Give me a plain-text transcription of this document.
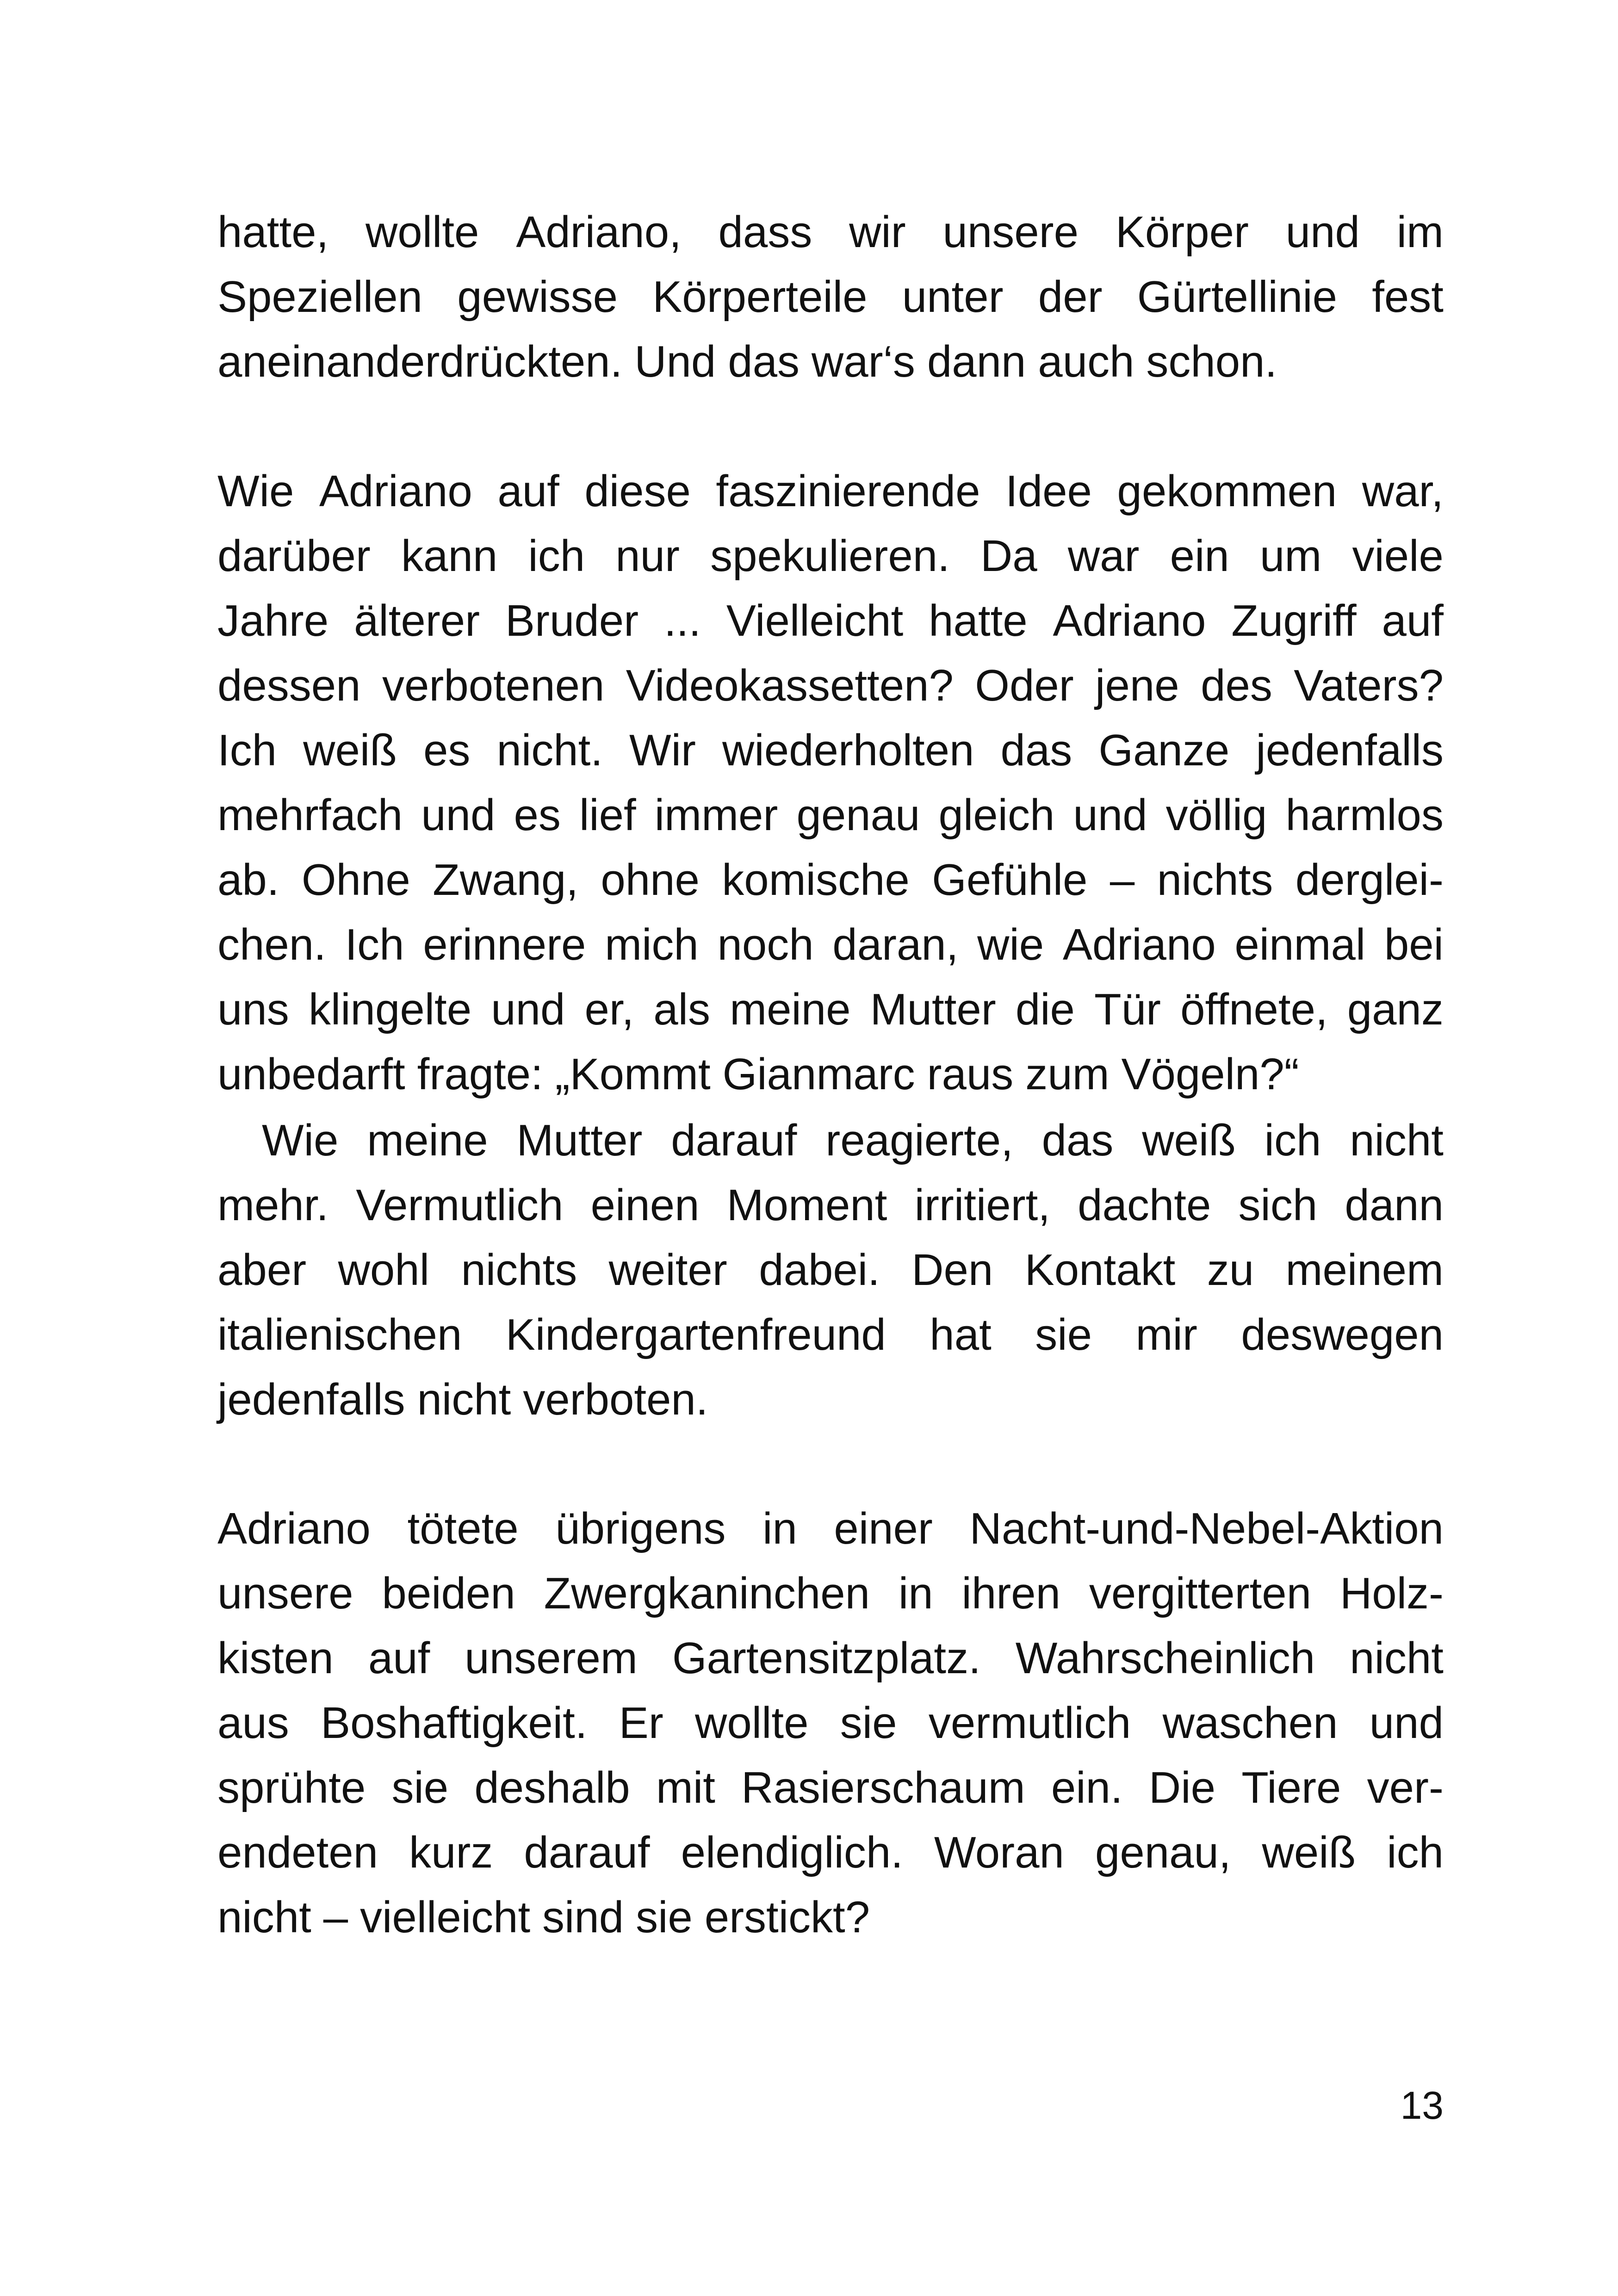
hatte, wollte Adriano, dass wir unsere Körper und im
Speziellen gewisse Körperteile unter der Gürtellinie fest
aneinanderdrückten. Und das war‘s dann auch schon.
Wie Adriano auf diese faszinierende Idee gekommen war,
darüber kann ich nur spekulieren. Da war ein um viele
Jahre älterer Bruder ... Vielleicht hatte Adriano Zugriff auf
dessen verbotenen Videokassetten? Oder jene des Vaters?
Ich weiß es nicht. Wir wiederholten das Ganze jedenfalls
mehrfach und es lief immer genau gleich und völlig harmlos
ab. Ohne Zwang, ohne komische Gefühle – nichts derglei-
chen. Ich erinnere mich noch daran, wie Adriano einmal bei
uns klingelte und er, als meine Mutter die Tür öffnete, ganz
unbedarft fragte: „Kommt Gianmarc raus zum Vögeln?“
Wie meine Mutter darauf reagierte, das weiß ich nicht
mehr. Vermutlich einen Moment irritiert, dachte sich dann
aber wohl nichts weiter dabei. Den Kontakt zu meinem
italienischen Kindergartenfreund hat sie mir deswegen
jedenfalls nicht verboten.
Adriano tötete übrigens in einer Nacht-und-Nebel-Aktion
unsere beiden Zwergkaninchen in ihren vergitterten Holz-
kisten auf unserem Gartensitzplatz. Wahrscheinlich nicht
aus Boshaftigkeit. Er wollte sie vermutlich waschen und
sprühte sie deshalb mit Rasierschaum ein. Die Tiere ver-
endeten kurz darauf elendiglich. Woran genau, weiß ich
nicht – vielleicht sind sie erstickt?
13
